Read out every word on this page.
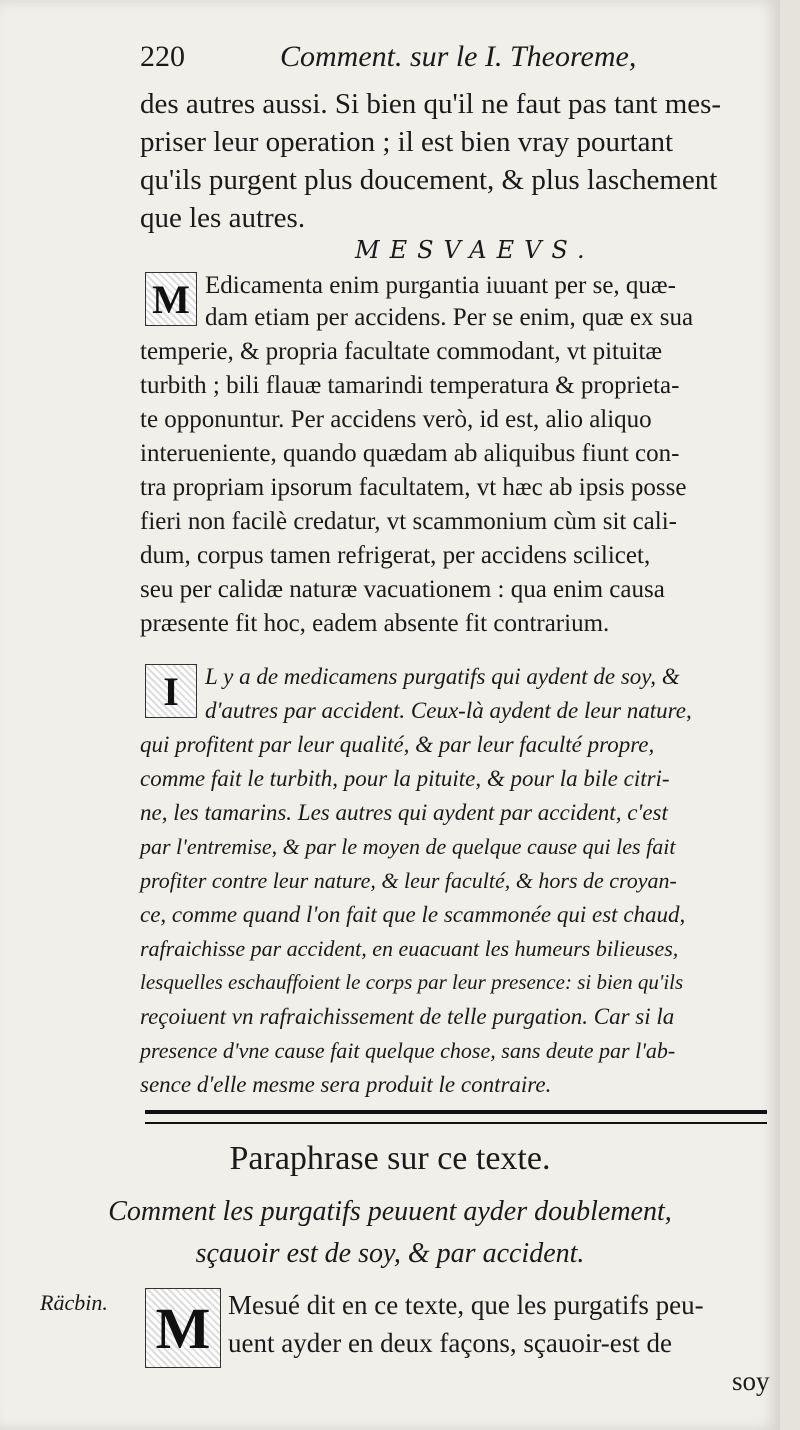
220	Comment. sur le I. Theoreme,
des autres aussi. Si bien qu'il ne faut pas tant mes-
priser leur operation ; il est bien vray pourtant
qu'ils purgent plus doucement, & plus laschement
que les autres.
MESVAEVS.
M Edicamenta enim purgantia iuuant per se, quæ-
dam etiam per accidens. Per se enim, quæ ex sua
temperie, & propria facultate commodant, vt pituitæ
turbith ; bili flauæ tamarindi temperatura & proprieta-
te opponuntur. Per accidens verò, id est, alio aliquo
interueniente, quando quædam ab aliquibus fiunt con-
tra propriam ipsorum facultatem, vt hæc ab ipsis posse
fieri non facilè credatur, vt scammonium cùm sit cali-
dum, corpus tamen refrigerat, per accidens scilicet,
seu per calidæ naturæ vacuationem : qua enim causa
præsente fit hoc, eadem absente fit contrarium.
I	L y a de medicamens purgatifs qui aydent de soy, &
d'autres par accident. Ceux-là aydent de leur nature,
qui profitent par leur qualité, & par leur faculté propre,
comme fait le turbith, pour la pituite, & pour la bile citri-
ne, les tamarins. Les autres qui aydent par accident, c'est
par l'entremise, & par le moyen de quelque cause qui les fait
profiter contre leur nature, & leur faculté, & hors de croyan-
ce, comme quand l'on fait que le scammonée qui est chaud,
rafraichisse par accident, en euacuant les humeurs bilieuses,
lesquelles eschauffoient le corps par leur presence: si bien qu'ils
reçoiuent vn rafraichissement de telle purgation. Car si la
presence d'vne cause fait quelque chose, sans deute par l'ab-
sence d'elle mesme sera produit le contraire.
Paraphrase sur ce texte.
Comment les purgatifs peuuent ayder doublement,
sçauoir est de soy, & par accident.
Räcbin. M Mesué dit en ce texte, que les purgatifs peu-
uent ayder en deux façons, sçauoir-est de
soy
